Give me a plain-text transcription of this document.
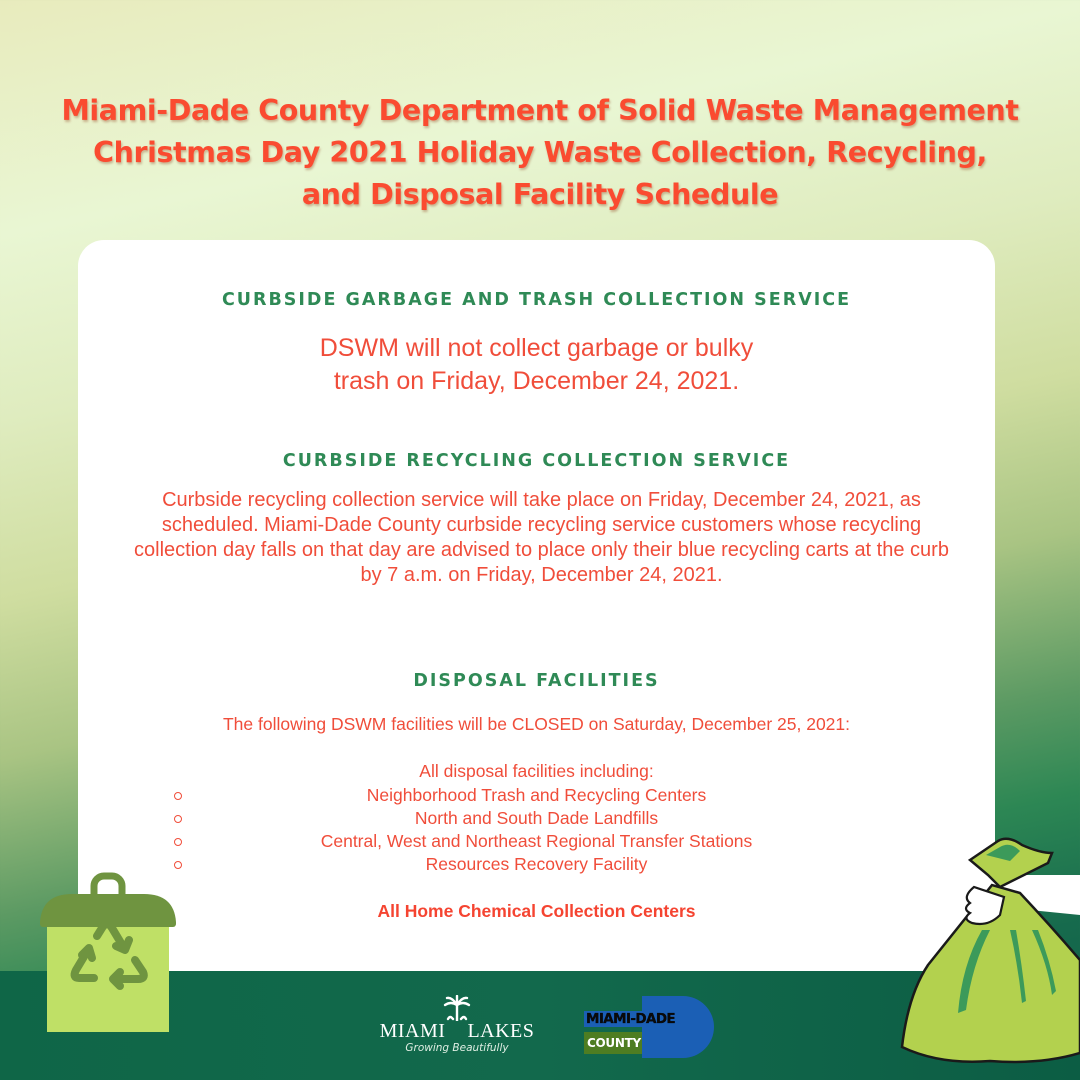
Miami-Dade County Department of Solid Waste Management Christmas Day 2021 Holiday Waste Collection, Recycling, and Disposal Facility Schedule
CURBSIDE GARBAGE AND TRASH COLLECTION SERVICE
DSWM will not collect garbage or bulky
trash on Friday, December 24, 2021.
CURBSIDE RECYCLING COLLECTION SERVICE

Curbside recycling collection service will take place on Friday, December 24, 2021, as scheduled. Miami-Dade County curbside recycling service customers whose recycling collection day falls on that day are advised to place only their blue recycling carts at the curb by 7 a.m. on Friday, December 24, 2021.

DISPOSAL FACILITIES

The following DSWM facilities will be CLOSED on Saturday, December 25, 2021:

All disposal facilities including:

Neighborhood Trash and Recycling Centers
North and South Dade Landfills
Central, West and Northeast Regional Transfer Stations
Resources Recovery Facility

All Home Chemical Collection Centers

MIAMI LAKES
Growing Beautifully
MIAMI-DADE
COUNTY
